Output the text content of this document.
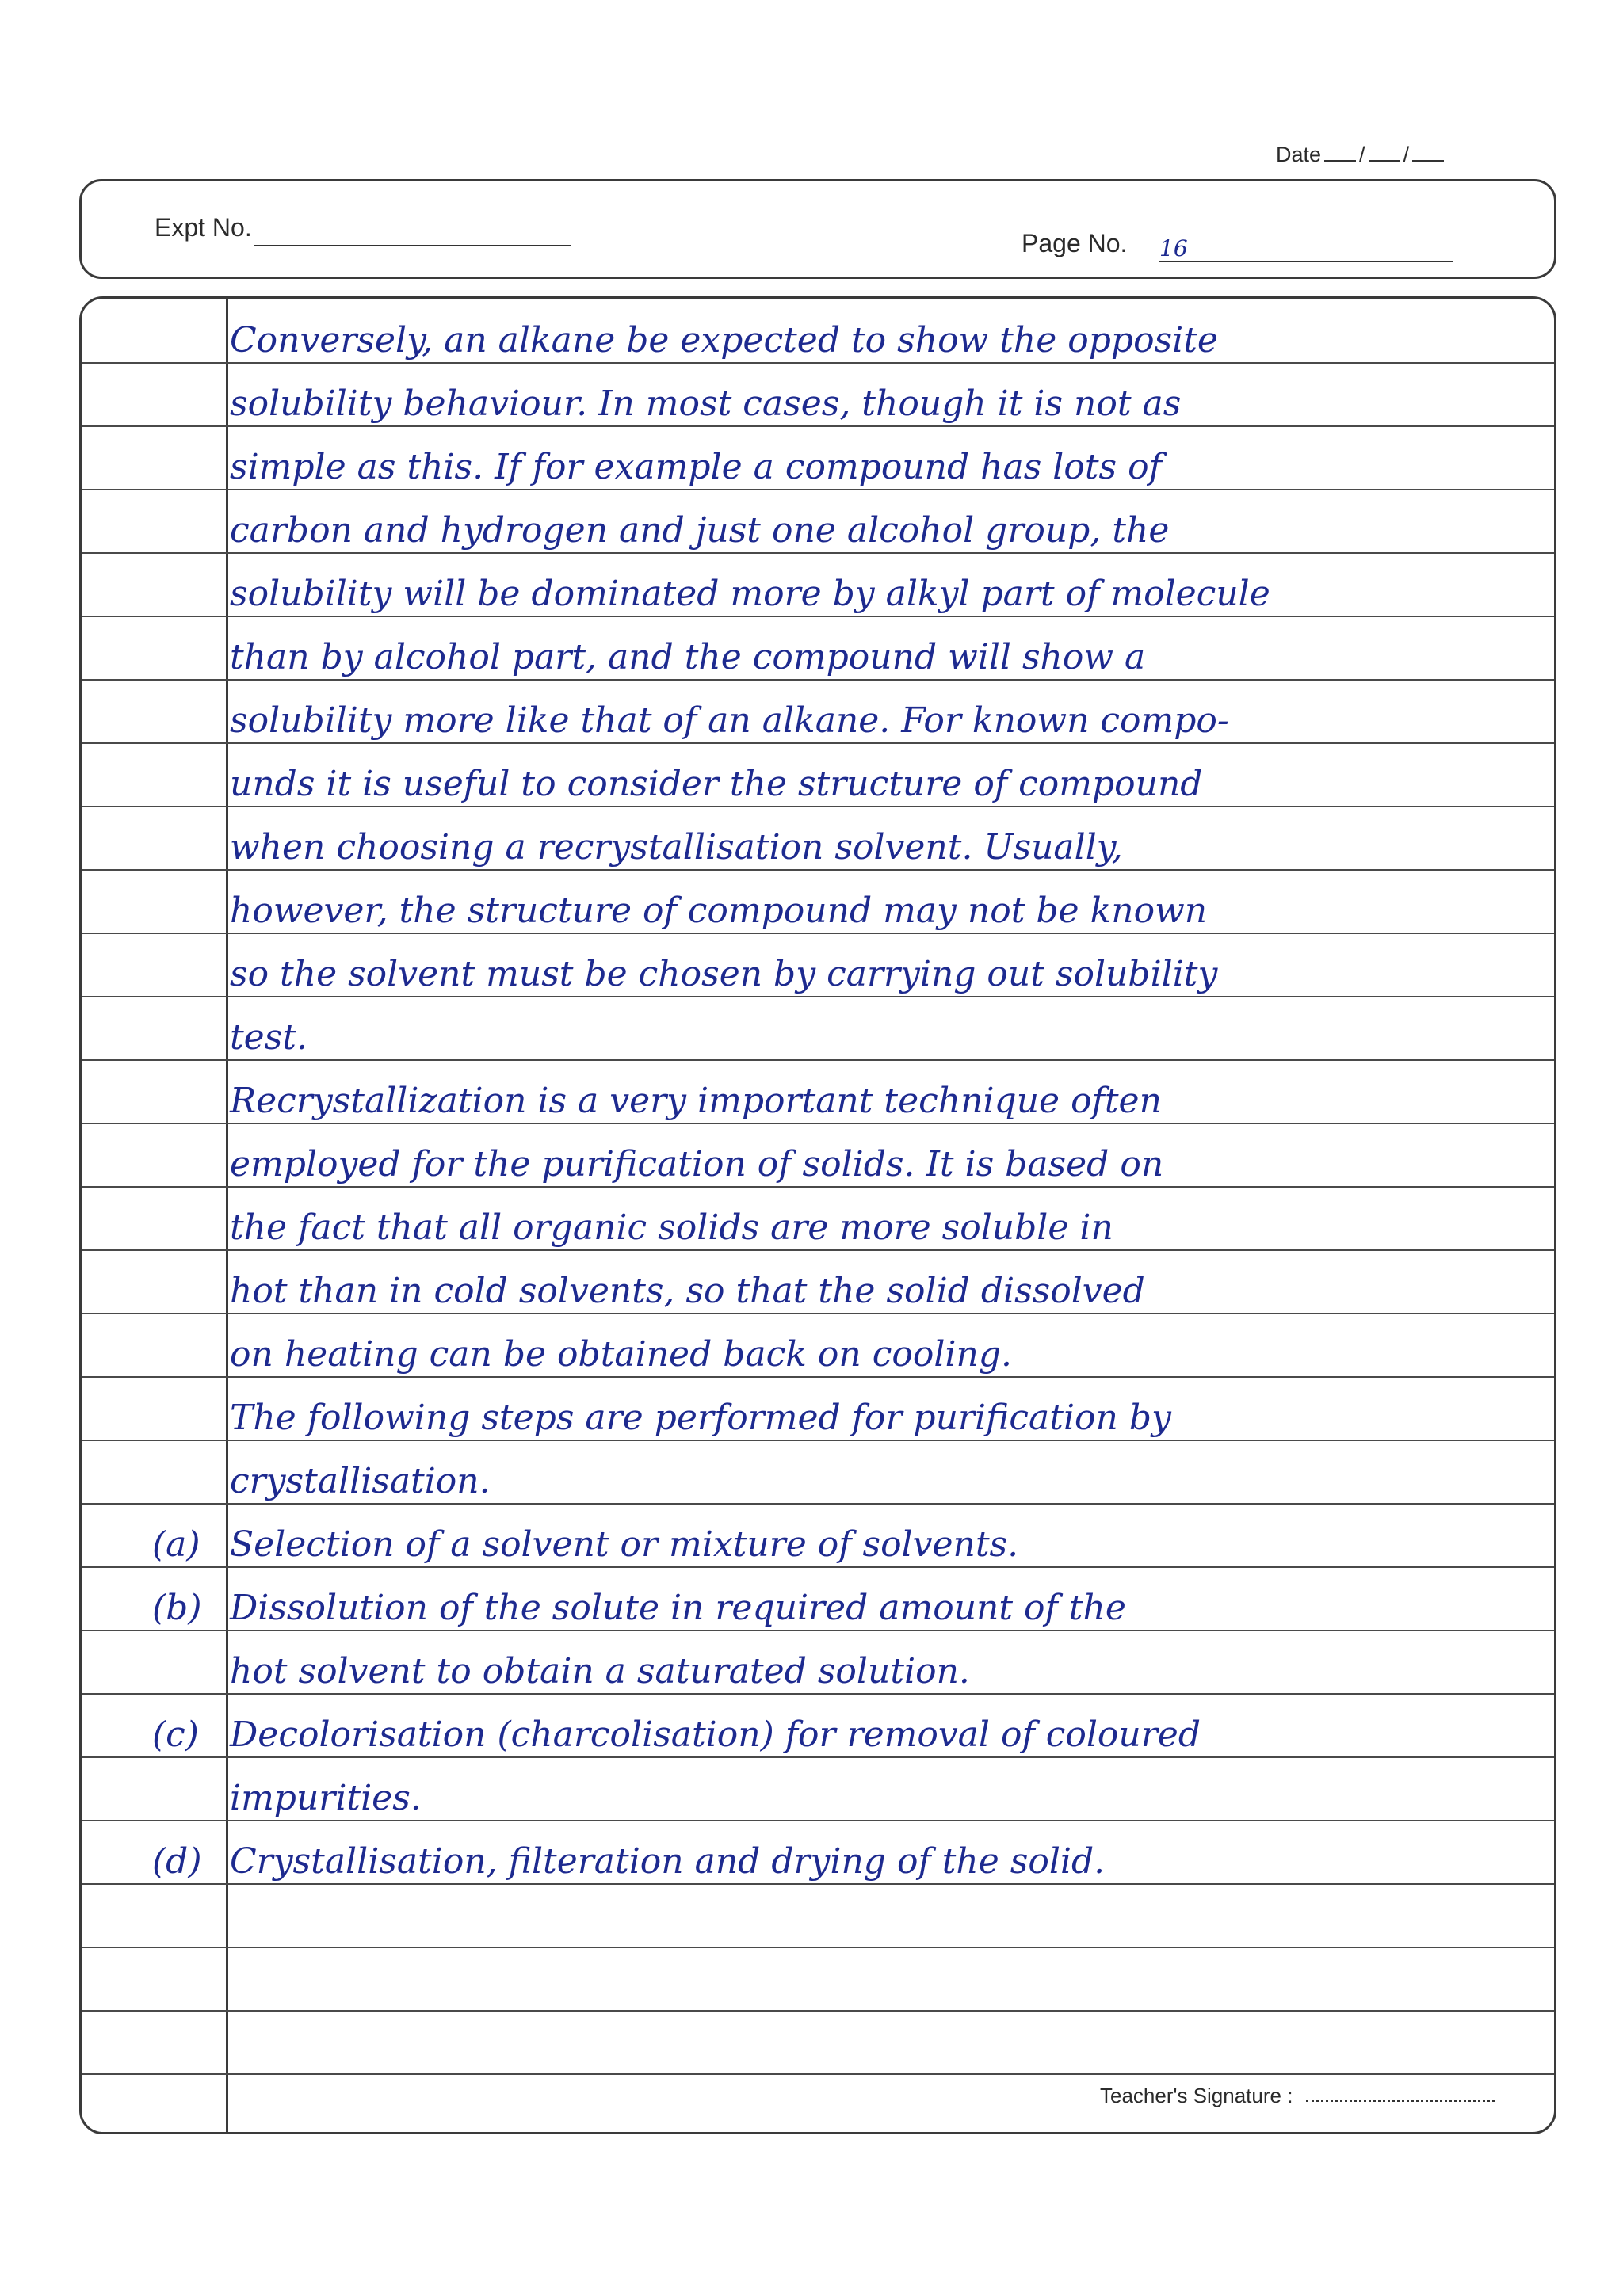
Date / /
Expt No.
Page No. 16
Conversely, an alkane be expected to show the opposite
solubility behaviour. In most cases, though it is not as
simple as this. If for example a compound has lots of
carbon and hydrogen and just one alcohol group, the
solubility will be dominated more by alkyl part of molecule
than by alcohol part, and the compound will show a
solubility more like that of an alkane. For known compo-
unds it is useful to consider the structure of compound
when choosing a recrystallisation solvent. Usually,
however, the structure of compound may not be known
so the solvent must be chosen by carrying out solubility
test.
Recrystallization is a very important technique often
employed for the purification of solids. It is based on
the fact that all organic solids are more soluble in
hot than in cold solvents, so that the solid dissolved
on heating can be obtained back on cooling.
The following steps are performed for purification by
crystallisation.
(a) Selection of a solvent or mixture of solvents.
(b) Dissolution of the solute in required amount of the
hot solvent to obtain a saturated solution.
(c) Decolorisation (charcolisation) for removal of coloured
impurities.
(d) Crystallisation, filteration and drying of the solid.
Teacher's Signature :
